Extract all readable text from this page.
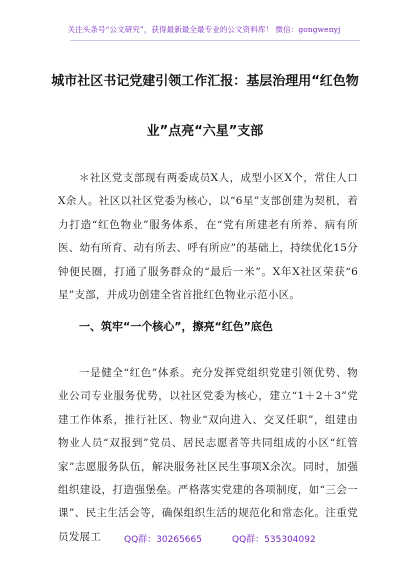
关注头条号“公文研究”，获得最新最全最专业的公文资料库！ 微信：gongwenyj
城市社区书记党建引领工作汇报：基层治理用“红色物
业”点亮“六星”支部

＊社区党支部现有两委成员X人，成型小区X个，常住人口X余人。社区以社区党委为核心，以“6星”支部创建为契机，着力打造“红色物业”服务体系，在“党有所建老有所养、病有所医、幼有所育、动有所去、呼有所应”的基础上，持续优化15分钟便民圈，打通了服务群众的“最后一米”。X年X社区荣获“6星”支部，并成功创建全省首批红色物业示范小区。

一、筑牢“一个核心”，擦亮“红色”底色

一是健全“红色”体系。充分发挥党组织党建引领优势、物业公司专业服务优势，以社区党委为核心，建立“1＋2＋3”党建工作体系，推行社区、物业“双向进入、交叉任职”，组建由物业人员“双报到”党员、居民志愿者等共同组成的小区“红管家”志愿服务队伍，解决服务社区民生事项X余次。同时，加强组织建设，打造强堡垒。严格落实党建的各项制度，如“三会一课”、民主生活会等，确保组织生活的规范化和常态化。注重党员发展工	QQ群：30265665	QQ群：535304092
